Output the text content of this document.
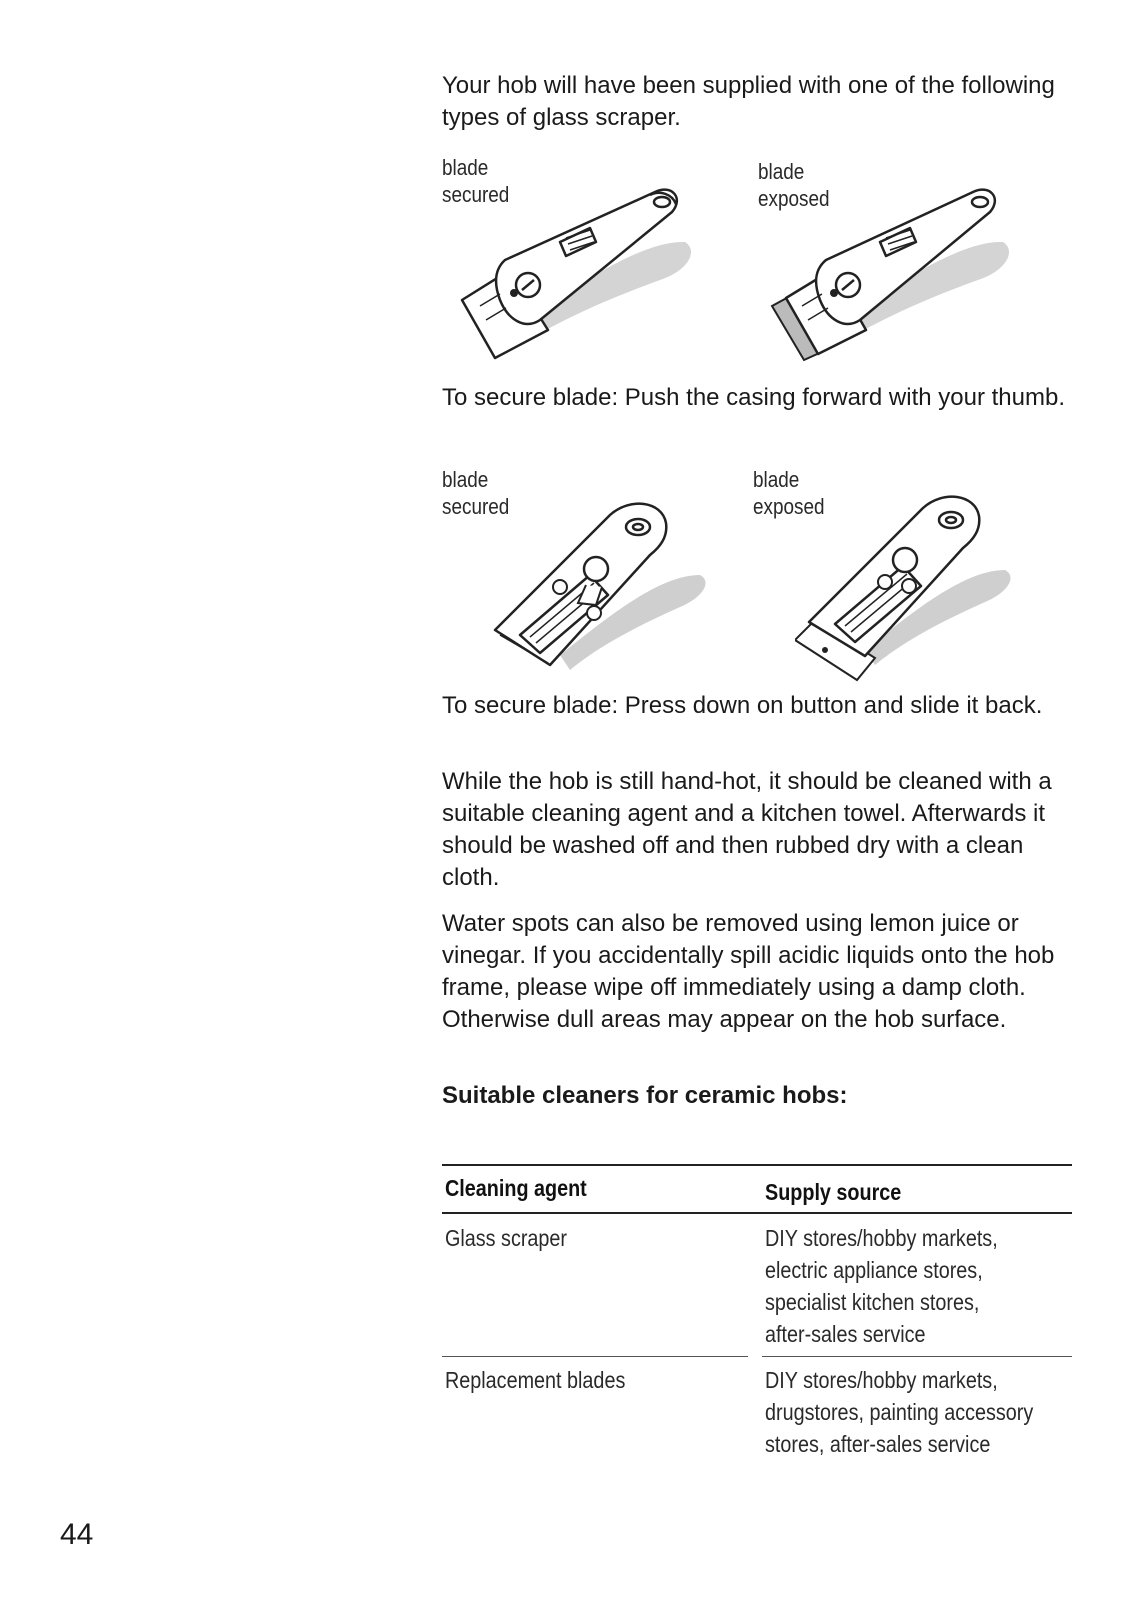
Your hob will have been supplied with one of the following types of glass scraper.

blade
secured
blade
exposed

To secure blade: Push the casing forward with your thumb.

blade
secured
blade
exposed

To secure blade: Press down on button and slide it back.

While the hob is still hand-hot, it should be cleaned with a suitable cleaning agent and a kitchen towel. Afterwards it should be washed off and then rubbed dry with a clean cloth.

Water spots can also be removed using lemon juice or vinegar. If you accidentally spill acidic liquids onto the hob frame, please wipe off immediately using a damp cloth. Otherwise dull areas may appear on the hob surface.

Suitable cleaners for ceramic hobs:
Cleaning agent	Supply source
Glass scraper	DIY stores/hobby markets,
electric appliance stores,
specialist kitchen stores,
after-sales service
Replacement blades	DIY stores/hobby markets,
drugstores, painting accessory
stores, after-sales service
44
